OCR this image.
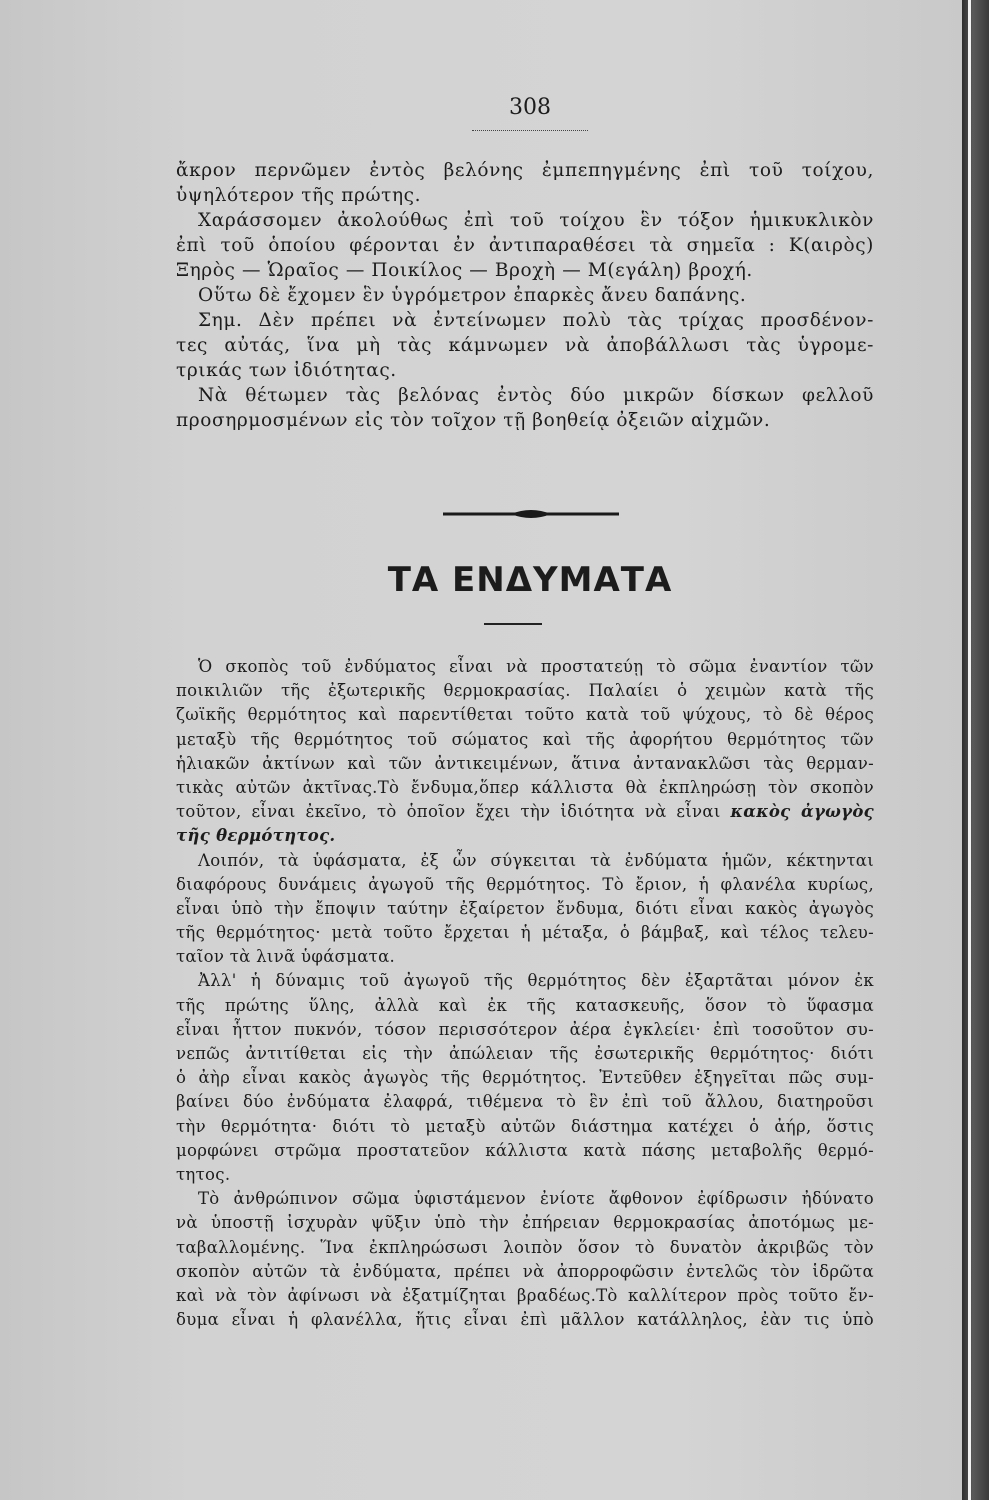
308
ἄκρον περνῶμεν ἐντὸς βελόνης ἐμπεπηγμένης ἐπὶ τοῦ τοίχου,
ὑψηλότερον τῆς πρώτης.
Χαράσσομεν ἀκολούθως ἐπὶ τοῦ τοίχου ἓν τόξον ἡμικυκλικὸν
ἐπὶ τοῦ ὁποίου φέρονται ἐν ἀντιπαραθέσει τὰ σημεῖα : Κ(αιρὸς)
Ξηρὸς — Ὡραῖος — Ποικίλος — Βροχὴ — Μ(εγάλη) βροχή.
Οὕτω δὲ ἔχομεν ἓν ὑγρόμετρον ἐπαρκὲς ἄνευ δαπάνης.
Σημ. Δὲν πρέπει νὰ ἐντείνωμεν πολὺ τὰς τρίχας προσδένον-
τες αὐτάς, ἵνα μὴ τὰς κάμνωμεν νὰ ἀποβάλλωσι τὰς ὑγρομε-
τρικάς των ἰδιότητας.
Νὰ θέτωμεν τὰς βελόνας ἐντὸς δύο μικρῶν δίσκων φελλοῦ
προσηρμοσμένων εἰς τὸν τοῖχον τῇ βοηθείᾳ ὀξειῶν αἰχμῶν.
ΤΑ ΕΝΔΥΜΑΤΑ
Ὁ σκοπὸς τοῦ ἐνδύματος εἶναι νὰ προστατεύῃ τὸ σῶμα ἐναντίον τῶν
ποικιλιῶν τῆς ἐξωτερικῆς θερμοκρασίας. Παλαίει ὁ χειμὼν κατὰ τῆς
ζωϊκῆς θερμότητος καὶ παρεντίθεται τοῦτο κατὰ τοῦ ψύχους, τὸ δὲ θέρος
μεταξὺ τῆς θερμότητος τοῦ σώματος καὶ τῆς ἀφορήτου θερμότητος τῶν
ἡλιακῶν ἀκτίνων καὶ τῶν ἀντικειμένων, ἅτινα ἀντανακλῶσι τὰς θερμαν-
τικὰς αὐτῶν ἀκτῖνας.Τὸ ἔνδυμα,ὅπερ κάλλιστα θὰ ἐκπληρώσῃ τὸν σκοπὸν
τοῦτον, εἶναι ἐκεῖνο, τὸ ὁποῖον ἔχει τὴν ἰδιότητα νὰ εἶναι κακὸς ἀγωγὸς
τῆς θερμότητος.
Λοιπόν, τὰ ὑφάσματα, ἐξ ὧν σύγκειται τὰ ἐνδύματα ἡμῶν, κέκτηνται
διαφόρους δυνάμεις ἀγωγοῦ τῆς θερμότητος. Τὸ ἔριον, ἡ φλανέλα κυρίως,
εἶναι ὑπὸ τὴν ἔποψιν ταύτην ἐξαίρετον ἔνδυμα, διότι εἶναι κακὸς ἀγωγὸς
τῆς θερμότητος· μετὰ τοῦτο ἔρχεται ἡ μέταξα, ὁ βάμβαξ, καὶ τέλος τελευ-
ταῖον τὰ λινᾶ ὑφάσματα.
Ἀλλ' ἡ δύναμις τοῦ ἀγωγοῦ τῆς θερμότητος δὲν ἐξαρτᾶται μόνον ἐκ
τῆς πρώτης ὕλης, ἀλλὰ καὶ ἐκ τῆς κατασκευῆς, ὅσον τὸ ὕφασμα
εἶναι ἧττον πυκνόν, τόσον περισσότερον ἀέρα ἐγκλείει· ἐπὶ τοσοῦτον συ-
νεπῶς ἀντιτίθεται εἰς τὴν ἀπώλειαν τῆς ἐσωτερικῆς θερμότητος· διότι
ὁ ἀὴρ εἶναι κακὸς ἀγωγὸς τῆς θερμότητος. Ἐντεῦθεν ἐξηγεῖται πῶς συμ-
βαίνει δύο ἐνδύματα ἐλαφρά, τιθέμενα τὸ ἓν ἐπὶ τοῦ ἄλλου, διατηροῦσι
τὴν θερμότητα· διότι τὸ μεταξὺ αὐτῶν διάστημα κατέχει ὁ ἀήρ, ὅστις
μορφώνει στρῶμα προστατεῦον κάλλιστα κατὰ πάσης μεταβολῆς θερμό-
τητος.
Τὸ ἀνθρώπινον σῶμα ὑφιστάμενον ἐνίοτε ἄφθονον ἐφίδρωσιν ἠδύνατο
νὰ ὑποστῇ ἰσχυρὰν ψῦξιν ὑπὸ τὴν ἐπήρειαν θερμοκρασίας ἀποτόμως με-
ταβαλλομένης. Ἵνα ἐκπληρώσωσι λοιπὸν ὅσον τὸ δυνατὸν ἀκριβῶς τὸν
σκοπὸν αὐτῶν τὰ ἐνδύματα, πρέπει νὰ ἀπορροφῶσιν ἐντελῶς τὸν ἱδρῶτα
καὶ νὰ τὸν ἀφίνωσι νὰ ἐξατμίζηται βραδέως.Τὸ καλλίτερον πρὸς τοῦτο ἔν-
δυμα εἶναι ἡ φλανέλλα, ἥτις εἶναι ἐπὶ μᾶλλον κατάλληλος, ἐὰν τις ὑπὸ
